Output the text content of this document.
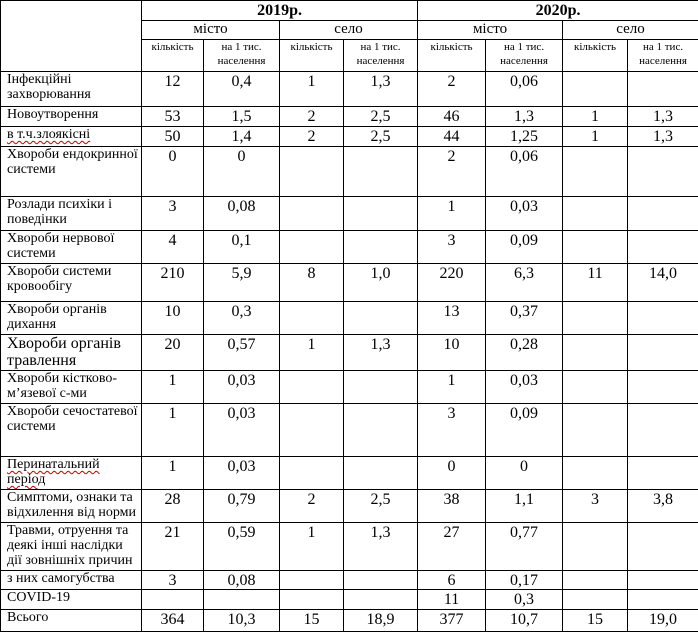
	2019р.				2020р.			
	місто		село		місто		село	
	кількість	на 1 тис. населення	кількість	на 1 тис. населення	кількість	на 1 тис. населення	кількість	на 1 тис. населення
Інфекційні захворювання	12	0,4	1	1,3	2	0,06		
Новоутворення	53	1,5	2	2,5	46	1,3	1	1,3
в т.ч.злоякісні	50	1,4	2	2,5	44	1,25	1	1,3
Хвороби ендокринної системи	0	0			2	0,06		
Розлади психіки і поведінки	3	0,08			1	0,03		
Хвороби нервової системи	4	0,1			3	0,09		
Хвороби системи кровообігу	210	5,9	8	1,0	220	6,3	11	14,0
Хвороби органів дихання	10	0,3			13	0,37		
Хвороби органів травлення	20	0,57	1	1,3	10	0,28		
Хвороби кістково-м’язевої с-ми	1	0,03			1	0,03		
Хвороби сечостатевої системи	1	0,03			3	0,09		
Перинатальний період	1	0,03			0	0		
Симптоми, ознаки та відхилення від норми	28	0,79	2	2,5	38	1,1	3	3,8
Травми, отруення та деякі інші наслідки дії зовнішніх причин	21	0,59	1	1,3	27	0,77		
з них самогубства	3	0,08			6	0,17		
COVID-19					11	0,3		
Всього	364	10,3	15	18,9	377	10,7	15	19,0
